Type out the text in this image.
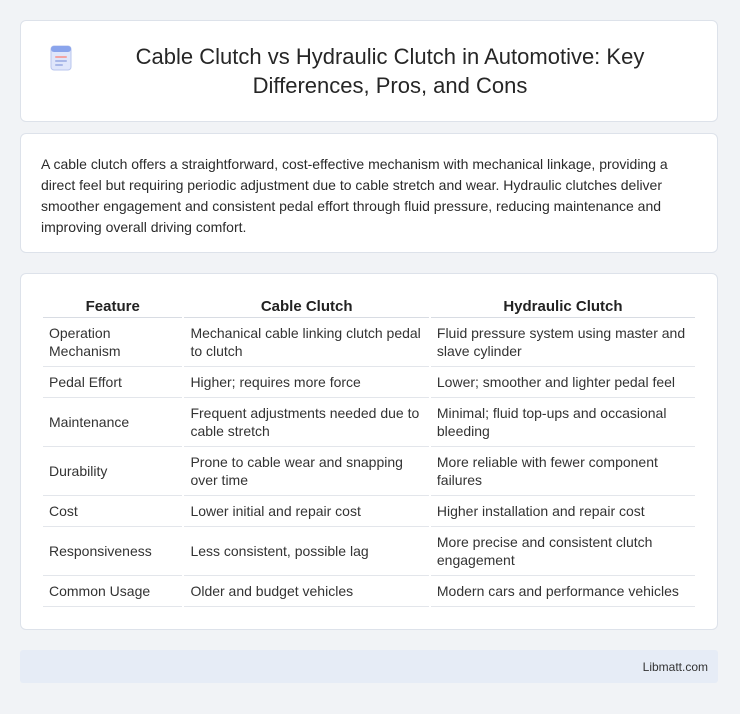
Cable Clutch vs Hydraulic Clutch in Automotive: Key Differences, Pros, and Cons

A cable clutch offers a straightforward, cost-effective mechanism with mechanical linkage, providing a direct feel but requiring periodic adjustment due to cable stretch and wear. Hydraulic clutches deliver smoother engagement and consistent pedal effort through fluid pressure, reducing maintenance and improving overall driving comfort.

Feature	Cable Clutch	Hydraulic Clutch
Operation Mechanism	Mechanical cable linking clutch pedal to clutch	Fluid pressure system using master and slave cylinder
Pedal Effort	Higher; requires more force	Lower; smoother and lighter pedal feel
Maintenance	Frequent adjustments needed due to cable stretch	Minimal; fluid top-ups and occasional bleeding
Durability	Prone to cable wear and snapping over time	More reliable with fewer component failures
Cost	Lower initial and repair cost	Higher installation and repair cost
Responsiveness	Less consistent, possible lag	More precise and consistent clutch engagement
Common Usage	Older and budget vehicles	Modern cars and performance vehicles
Libmatt.com
